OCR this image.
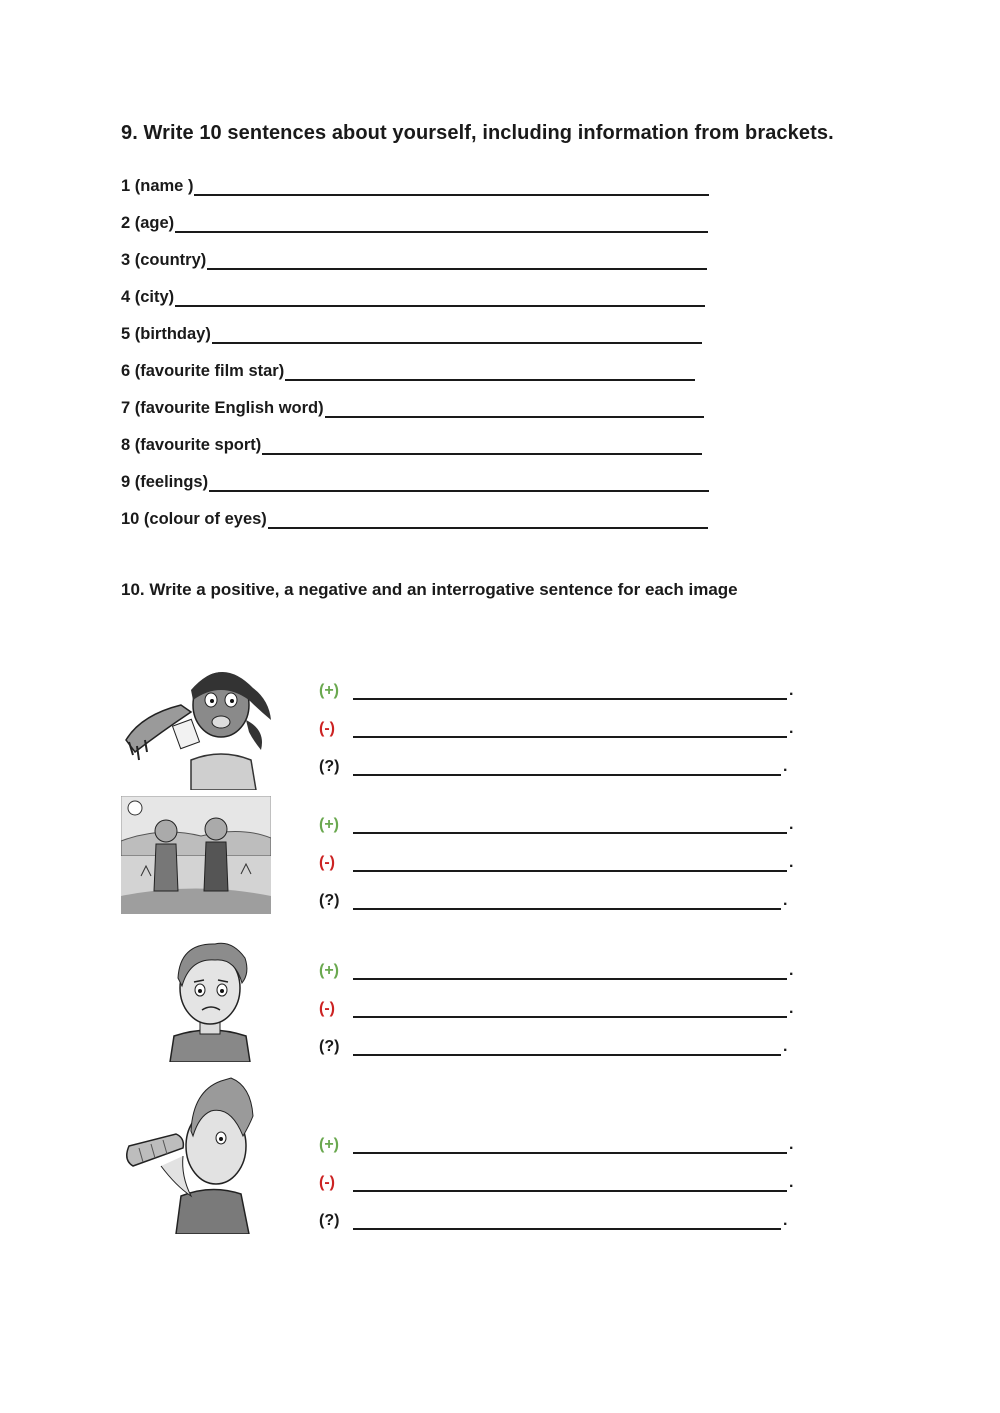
9. Write 10 sentences about yourself, including information from brackets.
1 (name )
2 (age)
3 (country)
4 (city)
5 (birthday)
6 (favourite film star)
7 (favourite English word)
8 (favourite sport)
9 (feelings)
10 (colour of eyes)
10. Write a positive, a negative and an interrogative sentence for each image
(+)	.
(-)	.
(?)	.
(+)	.
(-)	.
(?)	.
(+)	.
(-)	.
(?)	.
(+)	.
(-)	.
(?)	.
